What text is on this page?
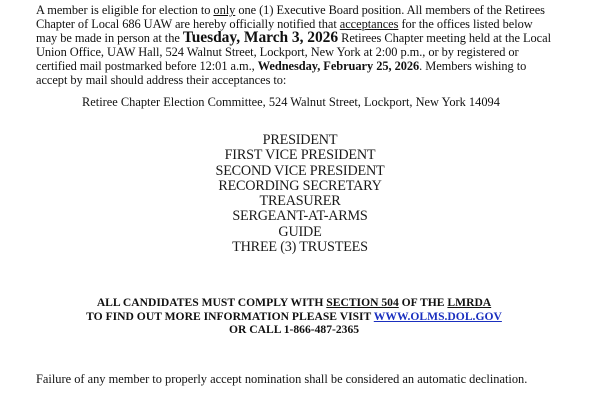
A member is eligible for election to only one (1) Executive Board position. All members of the Retirees
Chapter of Local 686 UAW are hereby officially notified that acceptances for the offices listed below
may be made in person at the Tuesday, March 3, 2026 Retirees Chapter meeting held at the Local
Union Office, UAW Hall, 524 Walnut Street, Lockport, New York at 2:00 p.m., or by registered or
certified mail postmarked before 12:01 a.m., Wednesday, February 25, 2026. Members wishing to
accept by mail should address their acceptances to:
Retiree Chapter Election Committee, 524 Walnut Street, Lockport, New York 14094
PRESIDENT
FIRST VICE PRESIDENT
SECOND VICE PRESIDENT
RECORDING SECRETARY
TREASURER
SERGEANT-AT-ARMS
GUIDE
THREE (3) TRUSTEES
ALL CANDIDATES MUST COMPLY WITH SECTION 504 OF THE LMRDA
TO FIND OUT MORE INFORMATION PLEASE VISIT WWW.OLMS.DOL.GOV
OR CALL 1-866-487-2365
Failure of any member to properly accept nomination shall be considered an automatic declination.
